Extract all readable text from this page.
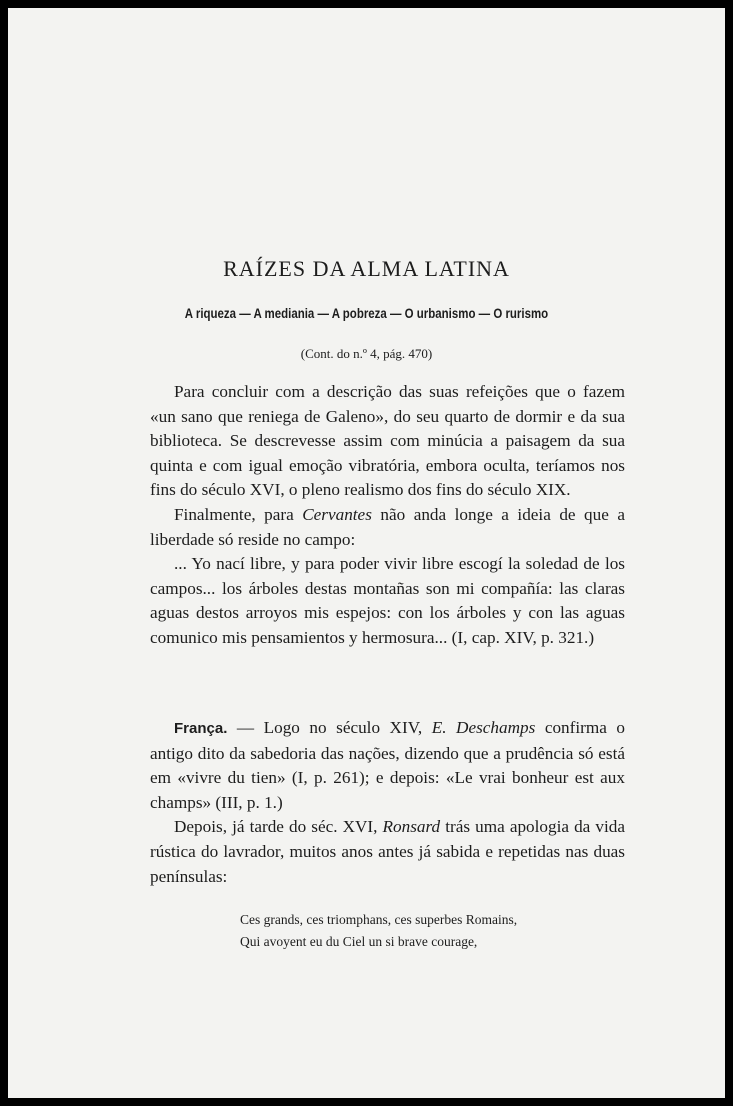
RAÍZES DA ALMA LATINA
A riqueza — A mediania — A pobreza — O urbanismo — O rurismo
(Cont. do n.º 4, pág. 470)

Para concluir com a descrição das suas refeições que o fazem «un sano que reniega de Galeno», do seu quarto de dormir e da sua biblioteca. Se descrevesse assim com minúcia a paisagem da sua quinta e com igual emoção vibratória, embora oculta, teríamos nos fins do século XVI, o pleno realismo dos fins do século XIX.

Finalmente, para Cervantes não anda longe a ideia de que a liberdade só reside no campo:

... Yo nací libre, y para poder vivir libre escogí la soledad de los campos... los árboles destas montañas son mi compañía: las claras aguas destos arroyos mis espejos: con los árboles y con las aguas comunico mis pensamientos y hermosura... (I, cap. XIV, p. 321.)

França. — Logo no século XIV, E. Deschamps confirma o antigo dito da sabedoria das nações, dizendo que a prudência só está em «vivre du tien» (I, p. 261); e depois: «Le vrai bonheur est aux champs» (III, p. 1.)

Depois, já tarde do séc. XVI, Ronsard trás uma apologia da vida rústica do lavrador, muitos anos antes já sabida e repetidas nas duas penínsulas:

Ces grands, ces triomphans, ces superbes Romains,
Qui avoyent eu du Ciel un si brave courage,
